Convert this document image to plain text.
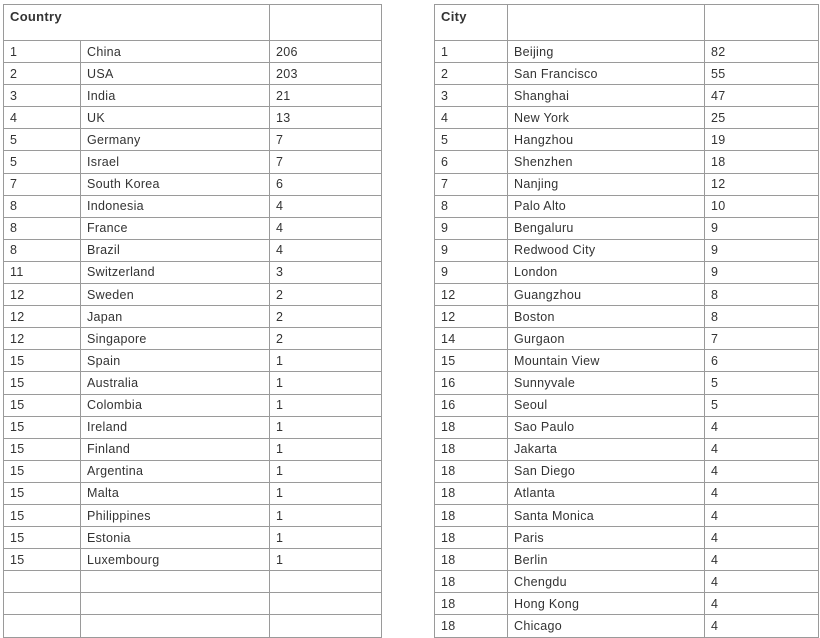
Country				City		
1	China	206		1	Beijing	82
2	USA	203		2	San Francisco	55
3	India	21		3	Shanghai	47
4	UK	13		4	New York	25
5	Germany	7		5	Hangzhou	19
5	Israel	7		6	Shenzhen	18
7	South Korea	6		7	Nanjing	12
8	Indonesia	4		8	Palo Alto	10
8	France	4		9	Bengaluru	9
8	Brazil	4		9	Redwood City	9
11	Switzerland	3		9	London	9
12	Sweden	2		12	Guangzhou	8
12	Japan	2		12	Boston	8
12	Singapore	2		14	Gurgaon	7
15	Spain	1		15	Mountain View	6
15	Australia	1		16	Sunnyvale	5
15	Colombia	1		16	Seoul	5
15	Ireland	1		18	Sao Paulo	4
15	Finland	1		18	Jakarta	4
15	Argentina	1		18	San Diego	4
15	Malta	1		18	Atlanta	4
15	Philippines	1		18	Santa Monica	4
15	Estonia	1		18	Paris	4
15	Luxembourg	1		18	Berlin	4
				18	Chengdu	4
				18	Hong Kong	4
				18	Chicago	4
